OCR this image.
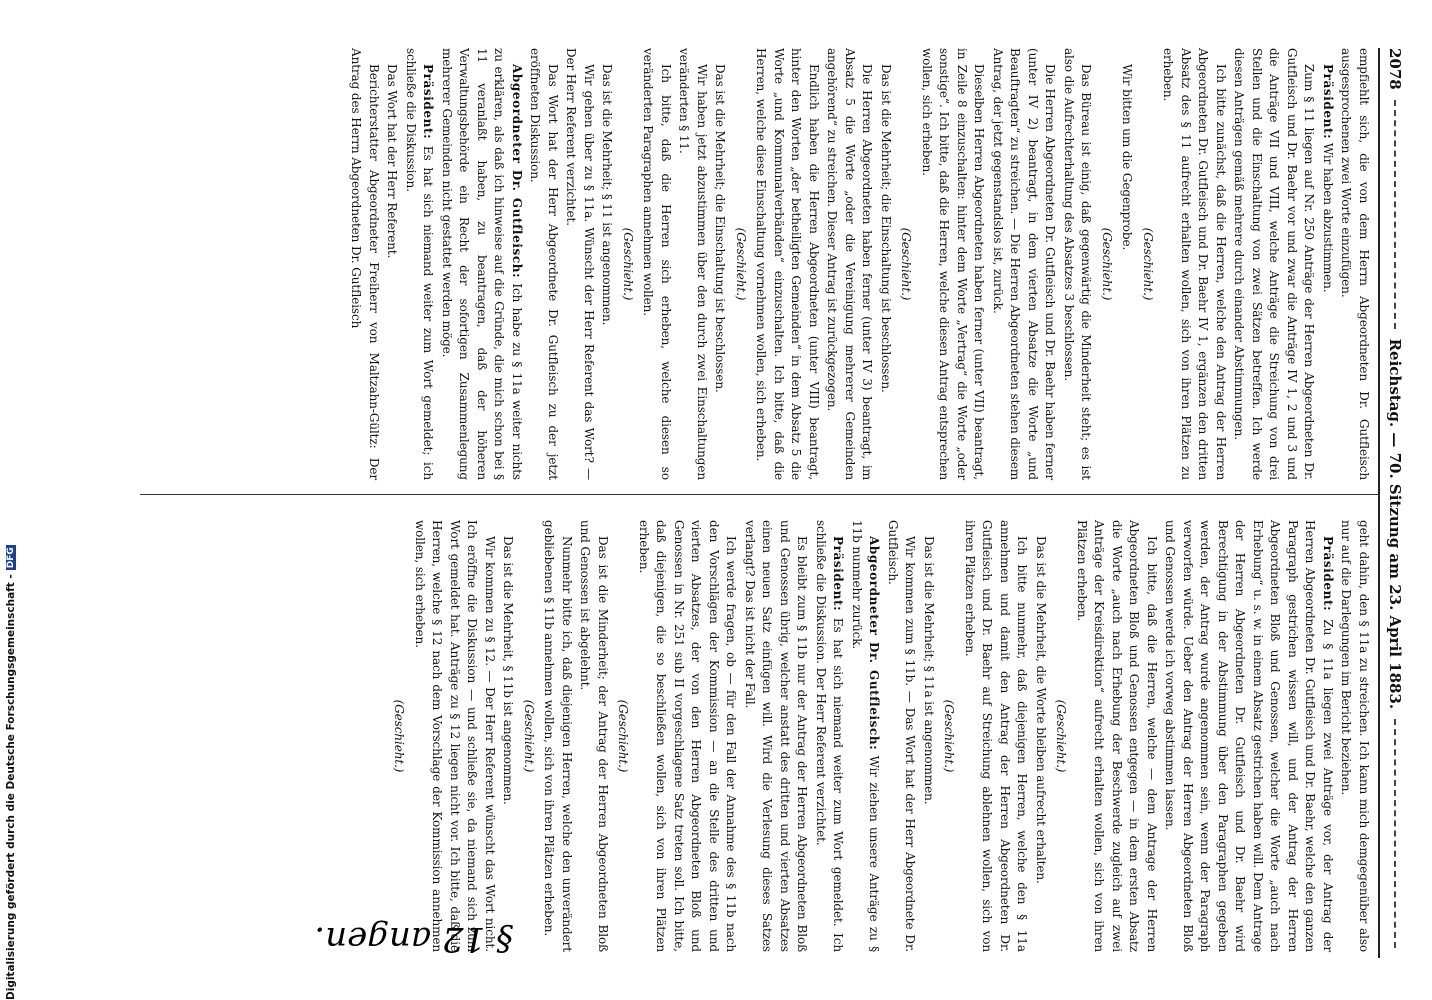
2078
Reichstag. — 70. Sitzung am 23. April 1883.

empfiehlt sich, die von dem Herrn Abgeordneten Dr. Gutfleisch ausgesprochenen zwei Worte einzufügen.

Präsident: Wir haben abzustimmen.

Zum § 11 liegen auf Nr. 250 Anträge der Herren Abgeordneten Dr. Gutfleisch und Dr. Baehr vor und zwar die Anträge IV 1, 2 und 3 und die Anträge VII und VIII, welche Anträge die Streichung von drei Stellen und die Einschaltung von zwei Sätzen betreffen. Ich werde diesen Anträgen gemäß mehrere durch einander Abstimmungen.

Ich bitte zunächst, daß die Herren, welche den Antrag der Herren Abgeordneten Dr. Gutfleisch und Dr. Baehr IV 1, ergänzen den dritten Absatz des § 11 aufrecht erhalten wollen, sich von ihren Plätzen zu erheben.

(Geschieht.)

Wir bitten um die Gegenprobe.

(Geschieht.)

Das Büreau ist einig, daß gegenwärtig die Minderheit steht; es ist also die Aufrechterhaltung des Absatzes 3 beschlossen.

Die Herren Abgeordneten Dr. Gutfleisch und Dr. Baehr haben ferner (unter IV 2) beantragt, in dem vierten Absatze die Worte „und Beauftragten“ zu streichen. — Die Herren Abgeordneten stehen diesem Antrag, der jetzt gegenstandslos ist, zurück.

Dieselben Herren Abgeordneten haben ferner (unter VII) beantragt, in Zeile 8 einzuschalten: hinter dem Worte „Vertrag“ die Worte „oder sonstige“. Ich bitte, daß die Herren, welche diesen Antrag entsprechen wollen, sich erheben.

(Geschieht.)

Das ist die Mehrheit; die Einschaltung ist beschlossen.

Die Herren Abgeordneten haben ferner (unter IV 3) beantragt, im Absatz 5 die Worte „oder die Vereinigung mehrerer Gemeinden angehörend“ zu streichen. Dieser Antrag ist zurückgezogen.

Endlich haben die Herren Abgeordneten (unter VIII) beantragt, hinter den Worten „der betheiligten Gemeinden“ in dem Absatz 5 die Worte „und Kommunalverbänden“ einzuschalten. Ich bitte, daß die Herren, welche diese Einschaltung vornehmen wollen, sich erheben.

(Geschieht.)

Das ist die Mehrheit; die Einschaltung ist beschlossen.

Wir haben jetzt abzustimmen über den durch zwei Einschaltungen veränderten § 11.

Ich bitte, daß die Herren sich erheben, welche diesen so veränderten Paragraphen annehmen wollen.

(Geschieht.)

Das ist die Mehrheit; § 11 ist angenommen.

Wir gehen über zu § 11a. Wünscht der Herr Referent das Wort? — Der Herr Referent verzichtet.

Das Wort hat der Herr Abgeordnete Dr. Gutfleisch zu der jetzt eröffneten Diskussion.

Abgeordneter Dr. Gutfleisch: Ich habe zu § 11a weiter nichts zu erklären, als daß ich hinweise auf die Gründe, die mich schon bei § 11 veranlaßt haben, zu beantragen, daß der höheren Verwaltungsbehörde ein Recht der sofortigen Zusammenlegung mehrerer Gemeinden nicht gestattet werden möge.

Präsident: Es hat sich niemand weiter zum Wort gemeldet; ich schließe die Diskussion.

Das Wort hat der Herr Referent.

Berichterstatter Abgeordneter Freiherr von Maltzahn-Gültz: Der Antrag des Herrn Abgeordneten Dr. Gutfleisch

geht dahin, den § 11a zu streichen. Ich kann mich demgegenüber also nur auf die Darlegungen im Bericht beziehen.

Präsident: Zu § 11a liegen zwei Anträge vor, der Antrag der Herren Abgeordneten Dr. Gutfleisch und Dr. Baehr, welche den ganzen Paragraph gestrichen wissen will, und der Antrag der Herren Abgeordneten Bloß und Genossen, welcher die Worte „auch nach Erhebung“ u. s. w. in einem Absatz gestrichen haben will. Dem Antrage der Herren Abgeordneten Dr. Gutfleisch und Dr. Baehr wird Berechtigung in der Abstimmung über den Paragraphen gegeben werden, der Antrag wurde angenommen sein, wenn der Paragraph verworfen würde. Ueber den Antrag der Herren Abgeordneten Bloß und Genossen werde ich vorweg abstimmen lassen.

Ich bitte, daß die Herren, welche — dem Antrage der Herren Abgeordneten Bloß und Genossen entgegen — in dem ersten Absatz die Worte „auch nach Erhebung der Beschwerde zugleich auf zwei Anträge der Kreisdirektion“ aufrecht erhalten wollen, sich von ihren Plätzen erheben.

(Geschieht.)

Das ist die Mehrheit, die Worte bleiben aufrecht erhalten.

Ich bitte nunmehr, daß diejenigen Herren, welche den § 11a annehmen und damit den Antrag der Herren Abgeordneten Dr. Gutfleisch und Dr. Baehr auf Streichung ablehnen wollen, sich von ihren Plätzen erheben.

(Geschieht.)

Das ist die Mehrheit; § 11a ist angenommen.

Wir kommen zum § 11b. — Das Wort hat der Herr Abgeordnete Dr. Gutfleisch.

Abgeordneter Dr. Gutfleisch: Wir ziehen unsere Anträge zu § 11b nunmehr zurück.

Präsident: Es hat sich niemand weiter zum Wort gemeldet. Ich schließe die Diskussion. Der Herr Referent verzichtet.

Es bleibt zum § 11b nur der Antrag der Herren Abgeordneten Bloß und Genossen übrig, welcher anstatt des dritten und vierten Absatzes einen neuen Satz einfügen will. Wird die Verlesung dieses Satzes verlangt? Das ist nicht der Fall.

Ich werde fragen, ob — für den Fall der Annahme des § 11b nach den Vorschlägen der Kommission — an die Stelle des dritten und vierten Absatzes, der von den Herren Abgeordneten Bloß und Genossen in Nr. 251 sub II vorgeschlagene Satz treten soll. Ich bitte, daß diejenigen, die so beschließen wollen, sich von ihren Plätzen erheben.

(Geschieht.)

Das ist die Minderheit; der Antrag der Herren Abgeordneten Bloß und Genossen ist abgelehnt.

Nunmehr bitte ich, daß diejenigen Herren, welche den unverändert gebliebenen § 11b annehmen wollen, sich von ihren Plätzen erheben.

(Geschieht.)

Das ist die Mehrheit, § 11b ist angenommen.

Wir kommen zu § 12. — Der Herr Referent wünscht das Wort nicht. Ich eröffne die Diskussion — und schließe sie, da niemand sich zum Wort gemeldet hat. Anträge zu § 12 liegen nicht vor. Ich bitte, daß die Herren, welche § 12 nach dem Vorschlage der Kommission annehmen wollen, sich erheben.

(Geschieht.)

§ 12 angen.
Digitalisierung gefördert durch die Deutsche Forschungsgemeinschaft -
DFG
